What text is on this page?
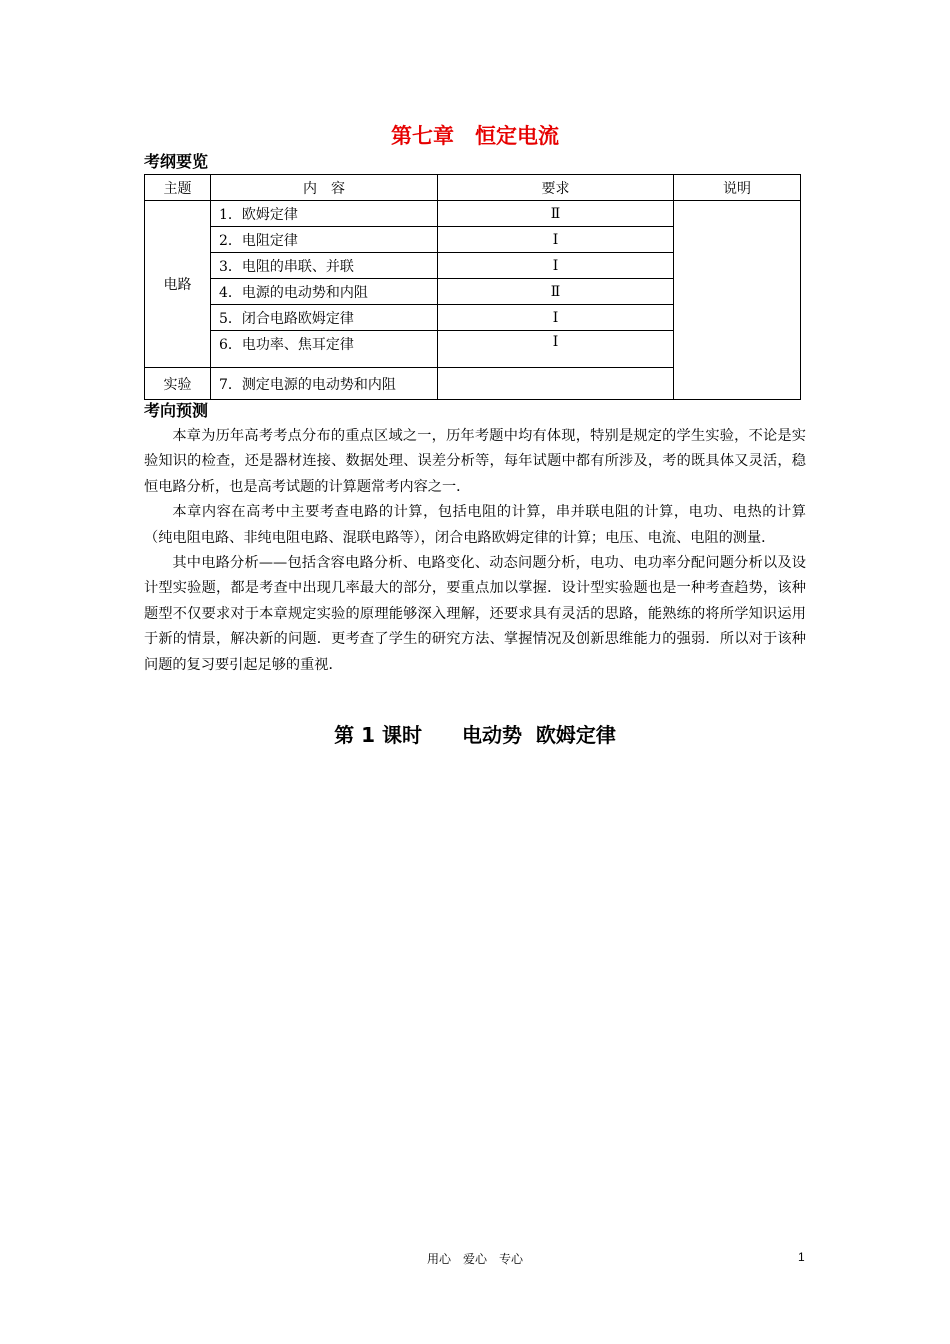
第七章　恒定电流
考纲要览
主题	内　容	要求	说明
电路	1．欧姆定律	Ⅱ	
	2．电阻定律	Ⅰ	
	3．电阻的串联、并联	Ⅰ	
	4．电源的电动势和内阻	Ⅱ	
	5．闭合电路欧姆定律	Ⅰ	
	6．电功率、焦耳定律	Ⅰ	
实验	7．测定电源的电动势和内阻		
考向预测

本章为历年高考考点分布的重点区域之一，历年考题中均有体现，特别是规定的学生实验，不论是实验知识的检查，还是器材连接、数据处理、误差分析等，每年试题中都有所涉及，考的既具体又灵活，稳恒电路分析，也是高考试题的计算题常考内容之一．

本章内容在高考中主要考查电路的计算，包括电阻的计算，串并联电阻的计算，电功、电热的计算（纯电阻电路、非纯电阻电路、混联电路等），闭合电路欧姆定律的计算；电压、电流、电阻的测量．

其中电路分析——包括含容电路分析、电路变化、动态问题分析，电功、电功率分配问题分析以及设计型实验题，都是考查中出现几率最大的部分，要重点加以掌握．设计型实验题也是一种考查趋势，该种题型不仅要求对于本章规定实验的原理能够深入理解，还要求具有灵活的思路，能熟练的将所学知识运用于新的情景，解决新的问题．更考查了学生的研究方法、掌握情况及创新思维能力的强弱．所以对于该种问题的复习要引起足够的重视．

第 1 课时　　电动势  欧姆定律
用心　爱心　专心	1
